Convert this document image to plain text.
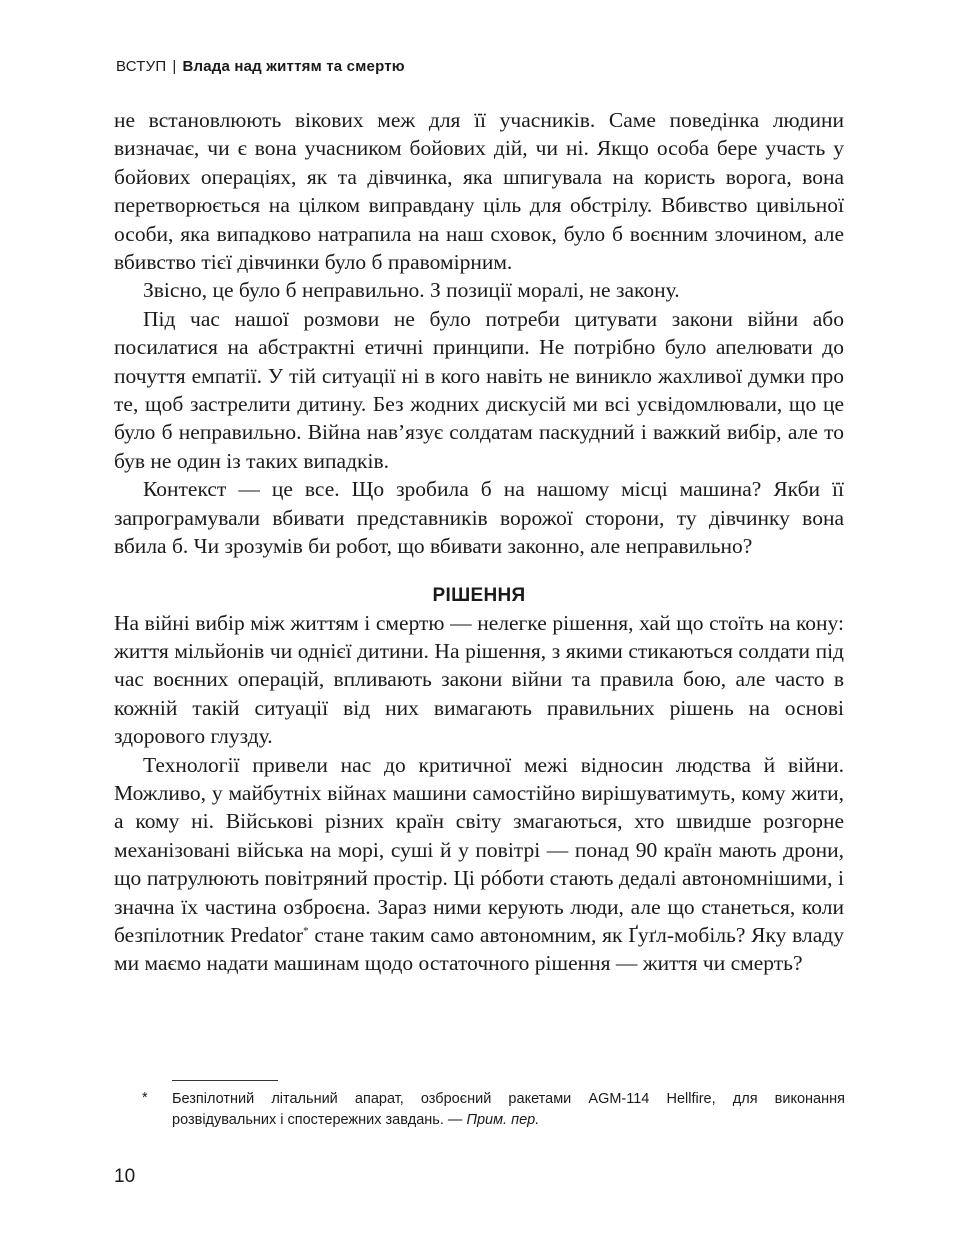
ВСТУП | Влада над життям та смертю

не встановлюють вікових меж для її учасників. Саме поведінка людини визначає, чи є вона учасником бойових дій, чи ні. Якщо особа бере участь у бойових операціях, як та дівчинка, яка шпигувала на користь ворога, вона перетворюється на цілком виправдану ціль для обстрілу. Вбивство цивільної особи, яка випадково натрапила на наш сховок, було б воєнним злочином, але вбивство тієї дівчинки було б правомірним.

Звісно, це було б неправильно. З позиції моралі, не закону.

Під час нашої розмови не було потреби цитувати закони війни або посилатися на абстрактні етичні принципи. Не потрібно було апелювати до почуття емпатії. У тій ситуації ні в кого навіть не виникло жахливої думки про те, щоб застрелити дитину. Без жодних дискусій ми всі усвідомлювали, що це було б неправильно. Війна нав’язує солдатам паскудний і важкий вибір, але то був не один із таких випадків.

Контекст — це все. Що зробила б на нашому місці машина? Якби її запрограмували вбивати представників ворожої сторони, ту дівчинку вона вбила б. Чи зрозумів би робот, що вбивати законно, але неправильно?

РІШЕННЯ

На війні вибір між життям і смертю — нелегке рішення, хай що стоїть на кону: життя мільйонів чи однієї дитини. На рішення, з якими стикаються солдати під час воєнних операцій, впливають закони війни та правила бою, але часто в кожній такій ситуації від них вимагають правильних рішень на основі здорового глузду.

Технології привели нас до критичної межі відносин людства й війни. Можливо, у майбутніх війнах машини самостійно вирішуватимуть, кому жити, а кому ні. Військові різних країн світу змагаються, хто швидше розгорне механізовані війська на морі, суші й у повітрі — понад 90 країн мають дрони, що патрулюють повітряний простір. Ці рóботи стають дедалі автономнішими, і значна їх частина озброєна. Зараз ними керують люди, але що станеться, коли безпілотник Predator* стане таким само автономним, як Ґуґл-мобіль? Яку владу ми маємо надати машинам щодо остаточного рішення — життя чи смерть?

* Безпілотний літальний апарат, озброєний ракетами AGM-114 Hellfire, для виконання розвідувальних і спостережних завдань. — Прим. пер.
10
